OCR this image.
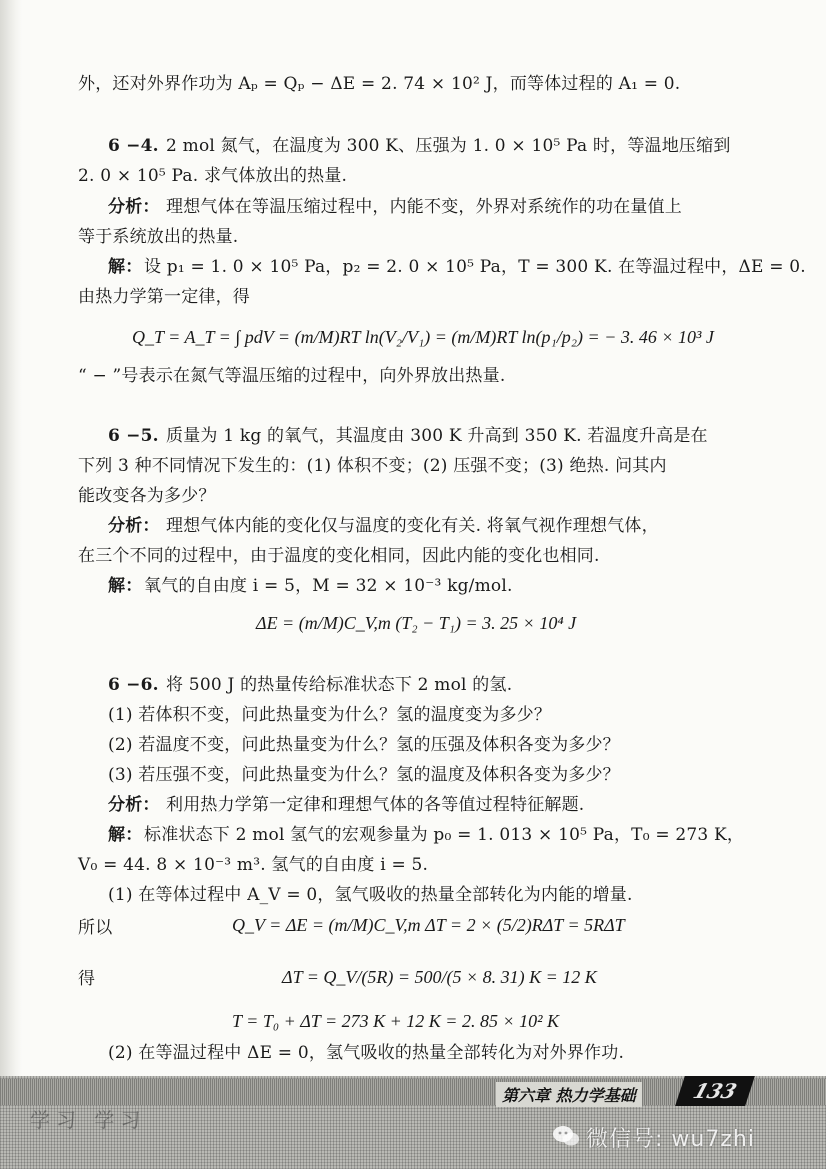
外，还对外界作功为 Aₚ = Qₚ − ΔE = 2. 74 × 10² J，而等体过程的 A₁ = 0.
6 −4. 2 mol 氮气，在温度为 300 K、压强为 1. 0 × 10⁵ Pa 时，等温地压缩到
2. 0 × 10⁵ Pa. 求气体放出的热量.
分析： 理想气体在等温压缩过程中，内能不变，外界对系统作的功在量值上
等于系统放出的热量.
解： 设 p₁ = 1. 0 × 10⁵ Pa，p₂ = 2. 0 × 10⁵ Pa，T = 300 K. 在等温过程中，ΔE = 0.
由热力学第一定律，得
Q_T = A_T = ∫ pdV = (m/M)RT ln(V₂/V₁) = (m/M)RT ln(p₁/p₂) = − 3. 46 × 10³ J
“ − ”号表示在氮气等温压缩的过程中，向外界放出热量.
6 −5. 质量为 1 kg 的氧气，其温度由 300 K 升高到 350 K. 若温度升高是在
下列 3 种不同情况下发生的：(1) 体积不变；(2) 压强不变；(3) 绝热. 问其内
能改变各为多少？
分析： 理想气体内能的变化仅与温度的变化有关. 将氧气视作理想气体，
在三个不同的过程中，由于温度的变化相同，因此内能的变化也相同.
解： 氧气的自由度 i = 5，M = 32 × 10⁻³ kg/mol.
ΔE = (m/M)C_V,m (T₂ − T₁) = 3. 25 × 10⁴ J
6 −6. 将 500 J 的热量传给标准状态下 2 mol 的氢.
(1) 若体积不变，问此热量变为什么？氢的温度变为多少？
(2) 若温度不变，问此热量变为什么？氢的压强及体积各变为多少？
(3) 若压强不变，问此热量变为什么？氢的温度及体积各变为多少？
分析： 利用热力学第一定律和理想气体的各等值过程特征解题.
解： 标准状态下 2 mol 氢气的宏观参量为 p₀ = 1. 013 × 10⁵ Pa，T₀ = 273 K，
V₀ = 44. 8 × 10⁻³ m³. 氢气的自由度 i = 5.
(1) 在等体过程中 A_V = 0，氢气吸收的热量全部转化为内能的增量.
所以	Q_V = ΔE = (m/M)C_V,m ΔT = 2 × (5/2)RΔT = 5RΔT
得	ΔT = Q_V/(5R) = 500/(5 × 8. 31) K = 12 K
T = T₀ + ΔT = 273 K + 12 K = 2. 85 × 10² K
(2) 在等温过程中 ΔE = 0，氢气吸收的热量全部转化为对外界作功.
学习 学习
第六章 热力学基础	133
微信号: wu7zhi
